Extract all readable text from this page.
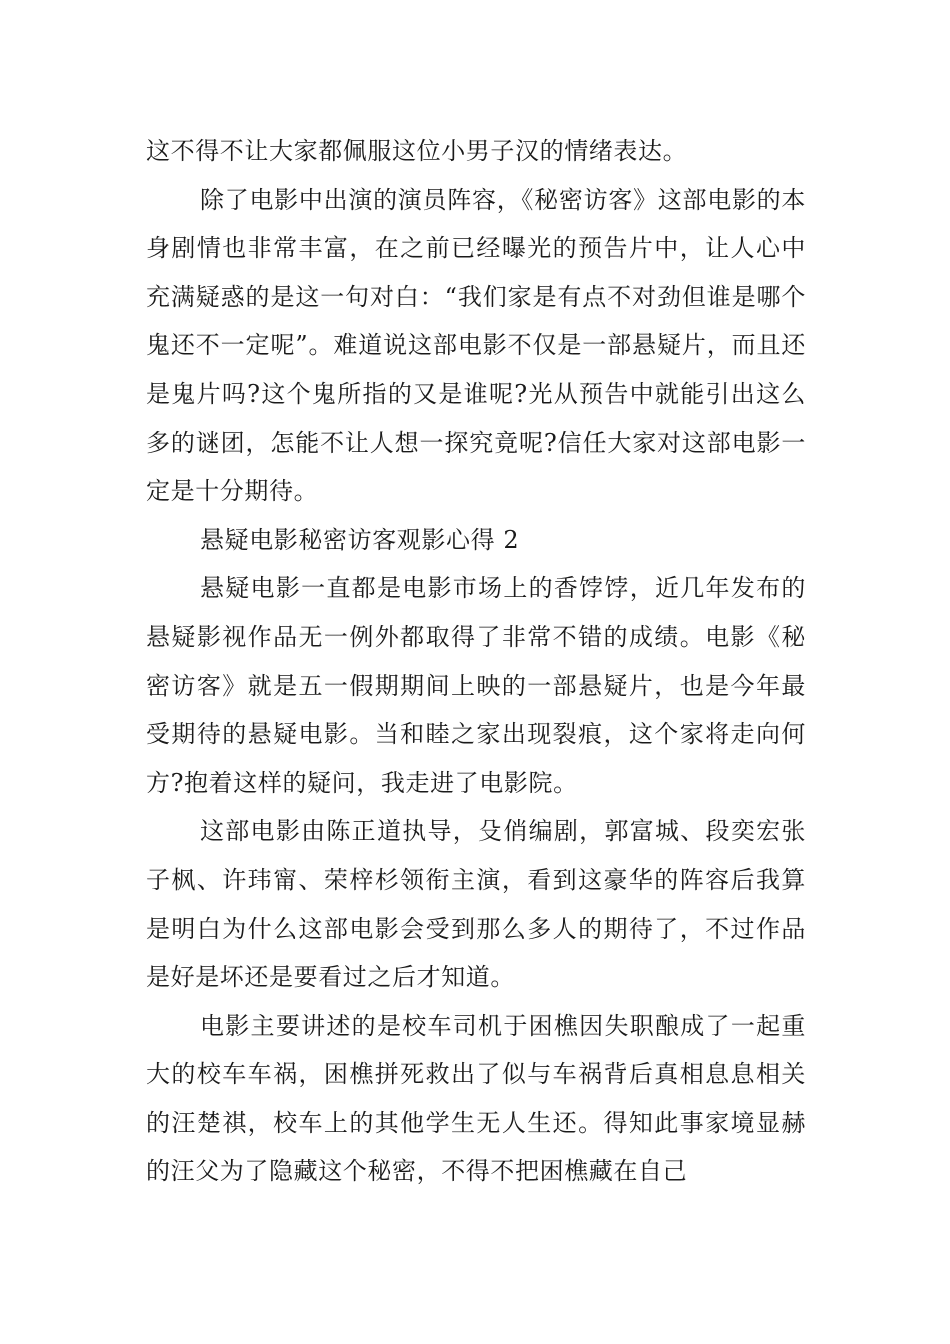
这不得不让大家都佩服这位小男子汉的情绪表达。

除了电影中出演的演员阵容，《秘密访客》这部电影的本身剧情也非常丰富，在之前已经曝光的预告片中，让人心中充满疑惑的是这一句对白：“我们家是有点不对劲但谁是哪个鬼还不一定呢”。难道说这部电影不仅是一部悬疑片，而且还是鬼片吗?这个鬼所指的又是谁呢?光从预告中就能引出这么多的谜团，怎能不让人想一探究竟呢?信任大家对这部电影一定是十分期待。

悬疑电影秘密访客观影心得 2

悬疑电影一直都是电影市场上的香饽饽，近几年发布的悬疑影视作品无一例外都取得了非常不错的成绩。电影《秘密访客》就是五一假期期间上映的一部悬疑片，也是今年最受期待的悬疑电影。当和睦之家出现裂痕，这个家将走向何方?抱着这样的疑问，我走进了电影院。

这部电影由陈正道执导，殳俏编剧，郭富城、段奕宏张子枫、许玮甯、荣梓杉领衔主演，看到这豪华的阵容后我算是明白为什么这部电影会受到那么多人的期待了，不过作品是好是坏还是要看过之后才知道。

电影主要讲述的是校车司机于困樵因失职酿成了一起重大的校车车祸，困樵拼死救出了似与车祸背后真相息息相关的汪楚祺，校车上的其他学生无人生还。得知此事家境显赫的汪父为了隐藏这个秘密，不得不把困樵藏在自己
